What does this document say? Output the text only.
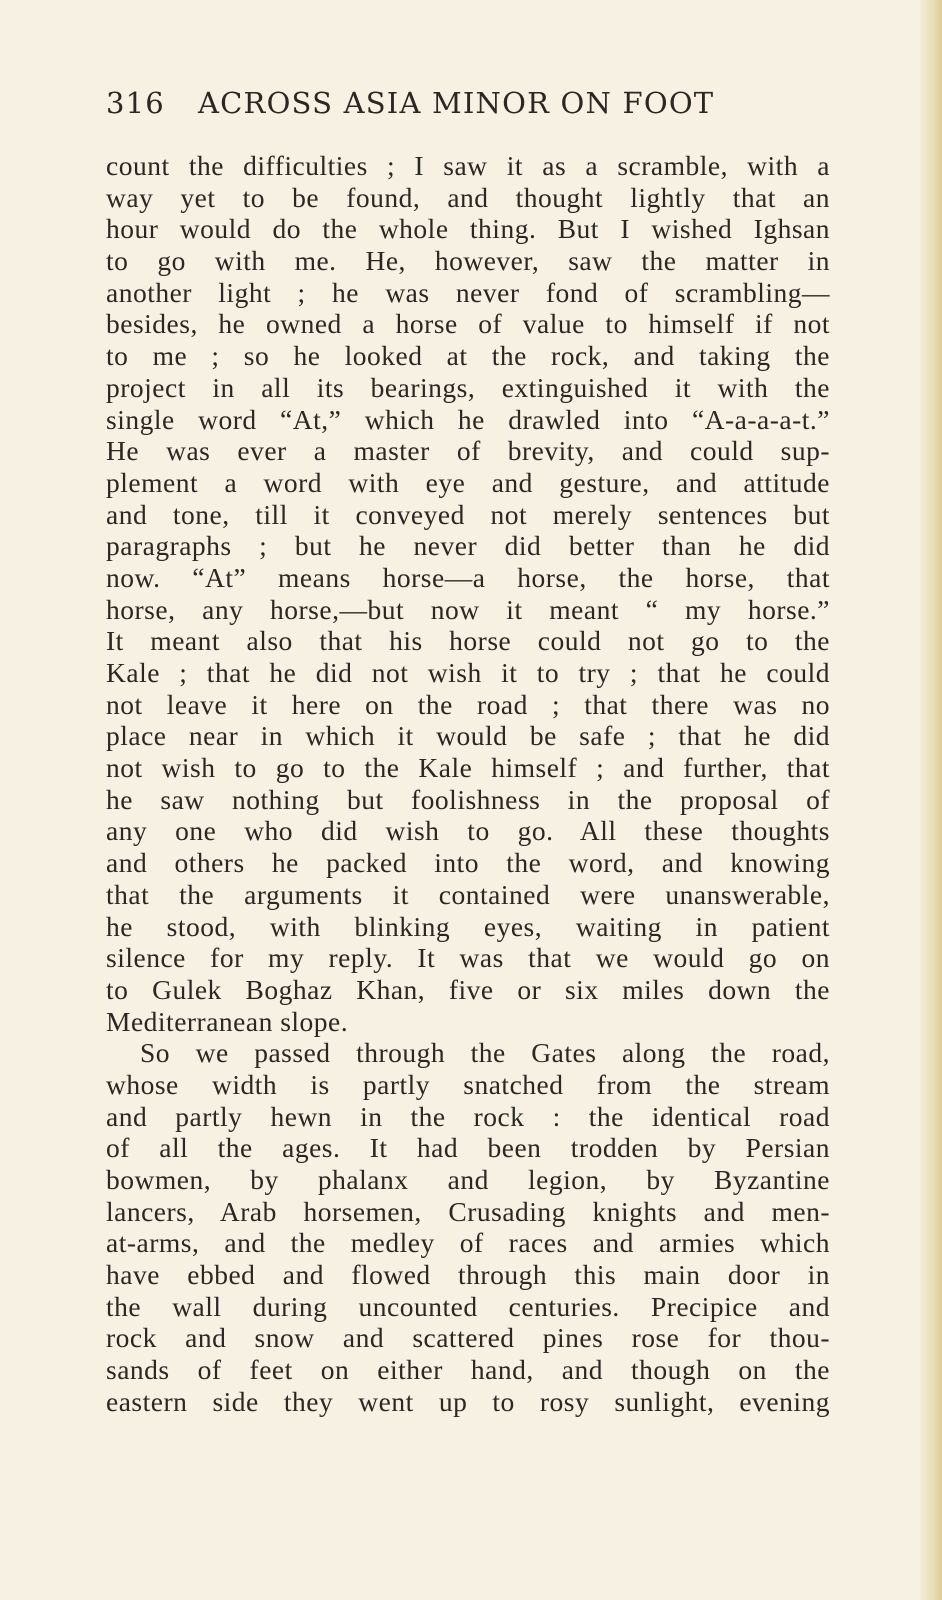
316	ACROSS ASIA MINOR ON FOOT

count the difficulties ; I saw it as a scramble, with a
way yet to be found, and thought lightly that an
hour would do the whole thing. But I wished Ighsan
to go with me. He, however, saw the matter in
another light ; he was never fond of scrambling—
besides, he owned a horse of value to himself if not
to me ; so he looked at the rock, and taking the
project in all its bearings, extinguished it with the
single word “At,” which he drawled into “A-a-a-a-t.”
He was ever a master of brevity, and could sup-
plement a word with eye and gesture, and attitude
and tone, till it conveyed not merely sentences but
paragraphs ; but he never did better than he did
now. “At” means horse—a horse, the horse, that
horse, any horse,—but now it meant “ my horse.”
It meant also that his horse could not go to the
Kale ; that he did not wish it to try ; that he could
not leave it here on the road ; that there was no
place near in which it would be safe ; that he did
not wish to go to the Kale himself ; and further, that
he saw nothing but foolishness in the proposal of
any one who did wish to go. All these thoughts
and others he packed into the word, and knowing
that the arguments it contained were unanswerable,
he stood, with blinking eyes, waiting in patient
silence for my reply. It was that we would go on
to Gulek Boghaz Khan, five or six miles down the
Mediterranean slope.

So we passed through the Gates along the road,
whose width is partly snatched from the stream
and partly hewn in the rock : the identical road
of all the ages. It had been trodden by Persian
bowmen, by phalanx and legion, by Byzantine
lancers, Arab horsemen, Crusading knights and men-
at-arms, and the medley of races and armies which
have ebbed and flowed through this main door in
the wall during uncounted centuries. Precipice and
rock and snow and scattered pines rose for thou-
sands of feet on either hand, and though on the
eastern side they went up to rosy sunlight, evening
